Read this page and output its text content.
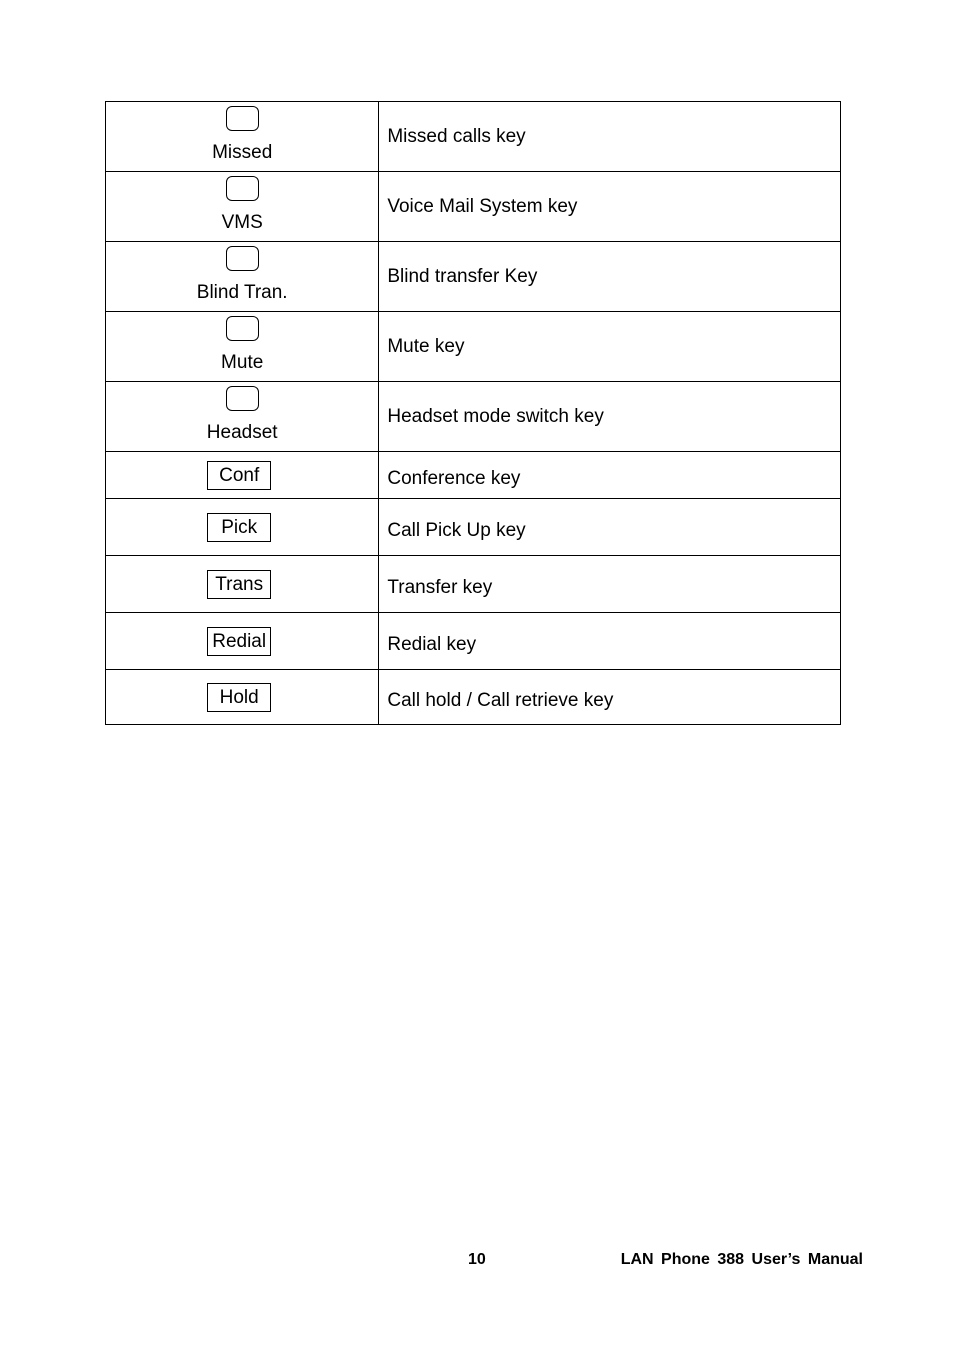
Missed	Missed calls key

VMS	Voice Mail System key

Blind Tran.	Blind transfer Key

Mute	Mute key

Headset	Headset mode switch key
Conf	Conference key
Pick	Call Pick Up key
Trans	Transfer key
Redial	Redial key
Hold	Call hold / Call retrieve key
10	LAN Phone 388 User’s Manual
